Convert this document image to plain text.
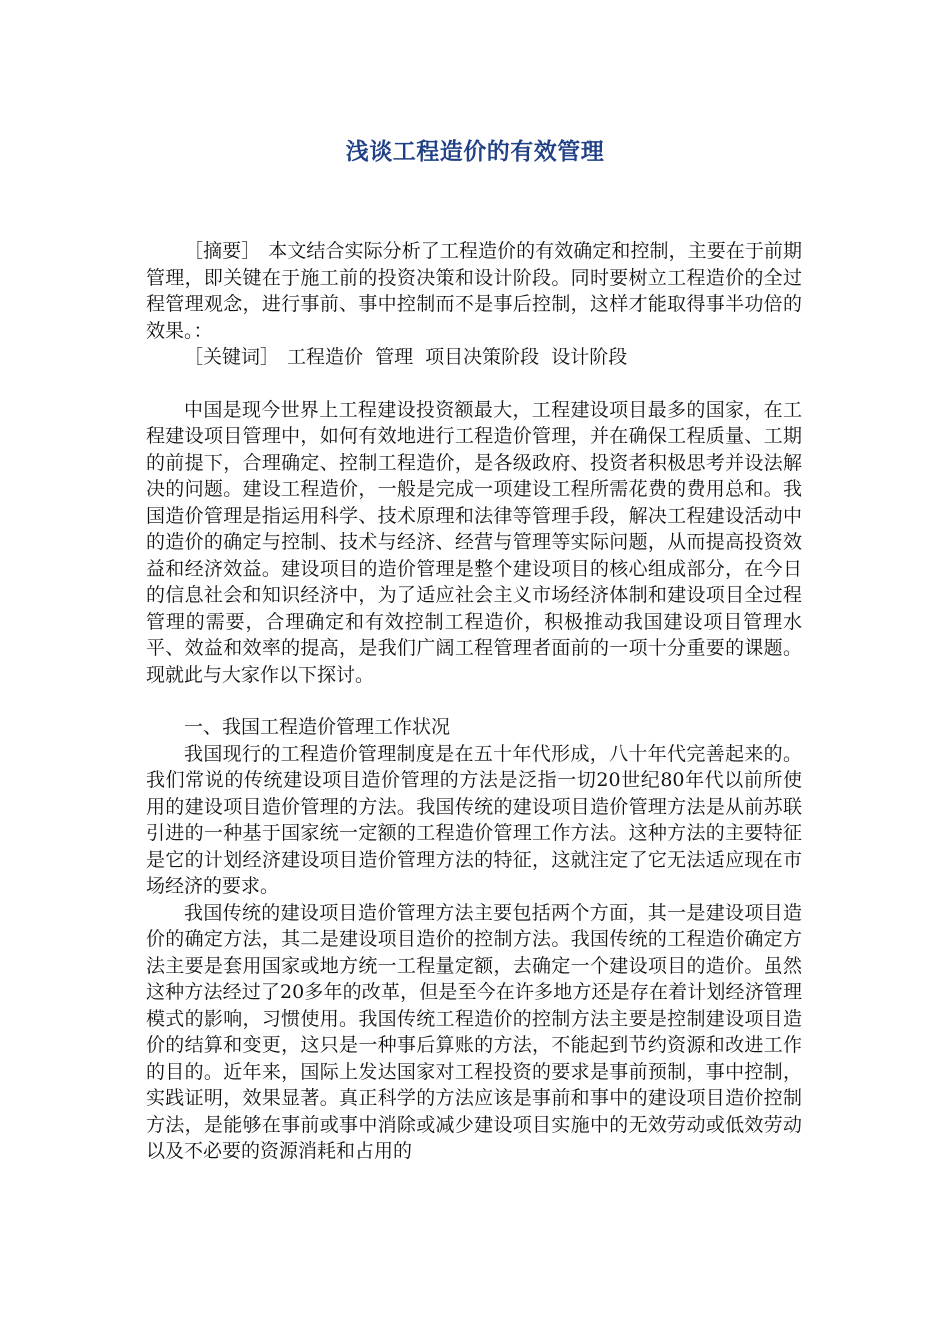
浅谈工程造价的有效管理

［摘要］ 本文结合实际分析了工程造价的有效确定和控制，主要在于前期管理，即关键在于施工前的投资决策和设计阶段。同时要树立工程造价的全过程管理观念，进行事前、事中控制而不是事后控制，这样才能取得事半功倍的效果。：

［关键词］ 工程造价  管理  项目决策阶段  设计阶段

中国是现今世界上工程建设投资额最大，工程建设项目最多的国家，在工程建设项目管理中，如何有效地进行工程造价管理，并在确保工程质量、工期的前提下，合理确定、控制工程造价，是各级政府、投资者积极思考并设法解决的问题。建设工程造价，一般是完成一项建设工程所需花费的费用总和。我国造价管理是指运用科学、技术原理和法律等管理手段，解决工程建设活动中的造价的确定与控制、技术与经济、经营与管理等实际问题，从而提高投资效益和经济效益。建设项目的造价管理是整个建设项目的核心组成部分，在今日的信息社会和知识经济中，为了适应社会主义市场经济体制和建设项目全过程管理的需要，合理确定和有效控制工程造价，积极推动我国建设项目管理水平、效益和效率的提高，是我们广阔工程管理者面前的一项十分重要的课题。现就此与大家作以下探讨。

一、我国工程造价管理工作状况

我国现行的工程造价管理制度是在五十年代形成，八十年代完善起来的。我们常说的传统建设项目造价管理的方法是泛指一切20世纪80年代以前所使用的建设项目造价管理的方法。我国传统的建设项目造价管理方法是从前苏联引进的一种基于国家统一定额的工程造价管理工作方法。这种方法的主要特征是它的计划经济建设项目造价管理方法的特征，这就注定了它无法适应现在市场经济的要求。

我国传统的建设项目造价管理方法主要包括两个方面，其一是建设项目造价的确定方法，其二是建设项目造价的控制方法。我国传统的工程造价确定方法主要是套用国家或地方统一工程量定额，去确定一个建设项目的造价。虽然这种方法经过了20多年的改革，但是至今在许多地方还是存在着计划经济管理模式的影响，习惯使用。我国传统工程造价的控制方法主要是控制建设项目造价的结算和变更，这只是一种事后算账的方法，不能起到节约资源和改进工作的目的。近年来，国际上发达国家对工程投资的要求是事前预制，事中控制，实践证明，效果显著。真正科学的方法应该是事前和事中的建设项目造价控制方法，是能够在事前或事中消除或减少建设项目实施中的无效劳动或低效劳动以及不必要的资源消耗和占用的
